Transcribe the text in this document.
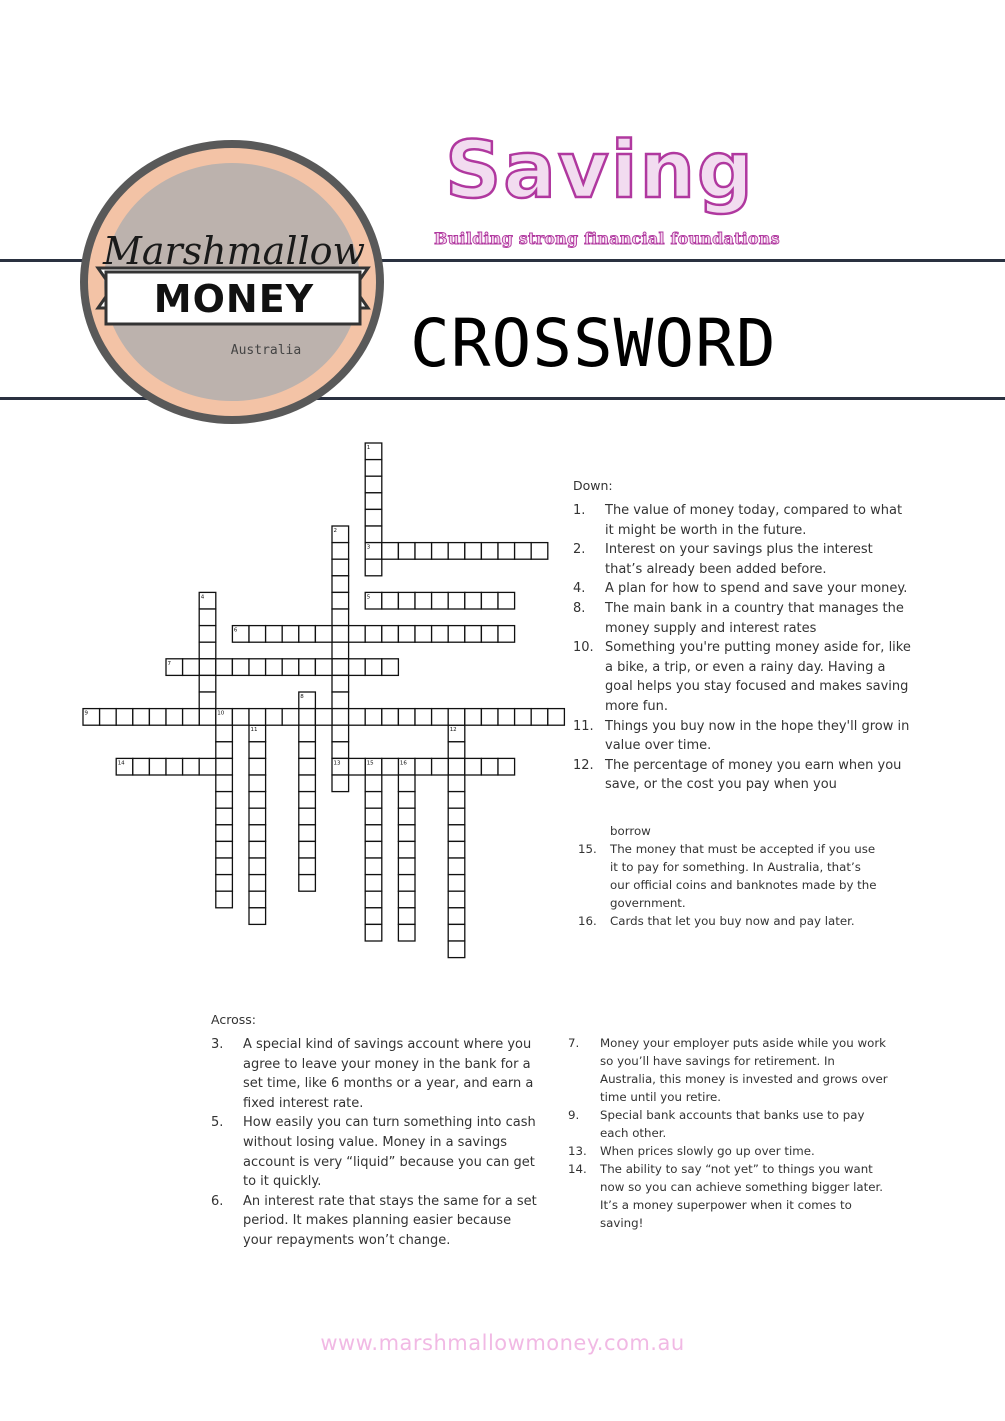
Marshmallow
MONEY
Australia
Saving
Building strong financial foundations
CROSSWORD
1
2
4
8
10
11	12
15	16
3
5
6
7
9
13
14
Down:
1.	The value of money today, compared to what it might be worth in the future.
2.	Interest on your savings plus the interest that’s already been added before.
4.	A plan for how to spend and save your money.
8.	The main bank in a country that manages the money supply and interest rates
10. Something you're putting money aside for, like a bike, a trip, or even a rainy day. Having a goal helps you stay focused and makes saving more fun.
11. Things you buy now in the hope they'll grow in value over time.
12. The percentage of money you earn when you save, or the cost you pay when you
borrow
15.	The money that must be accepted if you use it to pay for something. In Australia, that’s our official coins and banknotes made by the government.
16.	Cards that let you buy now and pay later.
Across:
3.	A special kind of savings account where you agree to leave your money in the bank for a set time, like 6 months or a year, and earn a fixed interest rate.
5.	How easily you can turn something into cash without losing value. Money in a savings account is very “liquid” because you can get to it quickly.
6.	An interest rate that stays the same for a set period. It makes planning easier because your repayments won’t change.
7.	Money your employer puts aside while you work so you’ll have savings for retirement. In Australia, this money is invested and grows over time until you retire.
9.	Special bank accounts that banks use to pay each other.
13.	When prices slowly go up over time.
14.	The ability to say “not yet” to things you want now so you can achieve something bigger later. It’s a money superpower when it comes to saving!
www.marshmallowmoney.com.au
